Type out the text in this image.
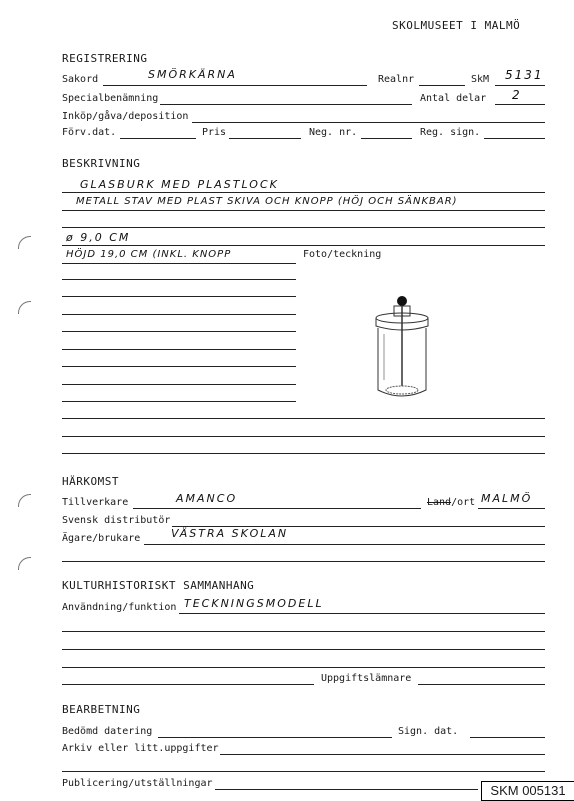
SKOLMUSEET I MALMÖ
REGISTRERING
Sakord	SMÖRKÄRNA	Realnr	SkM 5131
Specialbenämning	Antal delar 2
Inköp/gåva/deposition
Förv.dat.	Pris	Neg. nr.	Reg. sign.
BESKRIVNING
GLASBURK MED PLASTLOCK
METALL STAV MED PLAST SKIVA OCH KNOPP (HÖJ OCH SÄNKBAR)
ø 9,0 CM
HÖJD 19,0 CM (INKL. KNOPP	Foto/teckning
HÄRKOMST
Tillverkare	AMANCO	Land/ort MALMÖ
Svensk distributör
Ägare/brukare	VÄSTRA SKOLAN
KULTURHISTORISKT SAMMANHANG
Användning/funktion TECKNINGSMODELL
Uppgiftslämnare
BEARBETNING
Bedömd datering	Sign. dat.
Arkiv eller litt.uppgifter
Publicering/utställningar	SKM 005131
